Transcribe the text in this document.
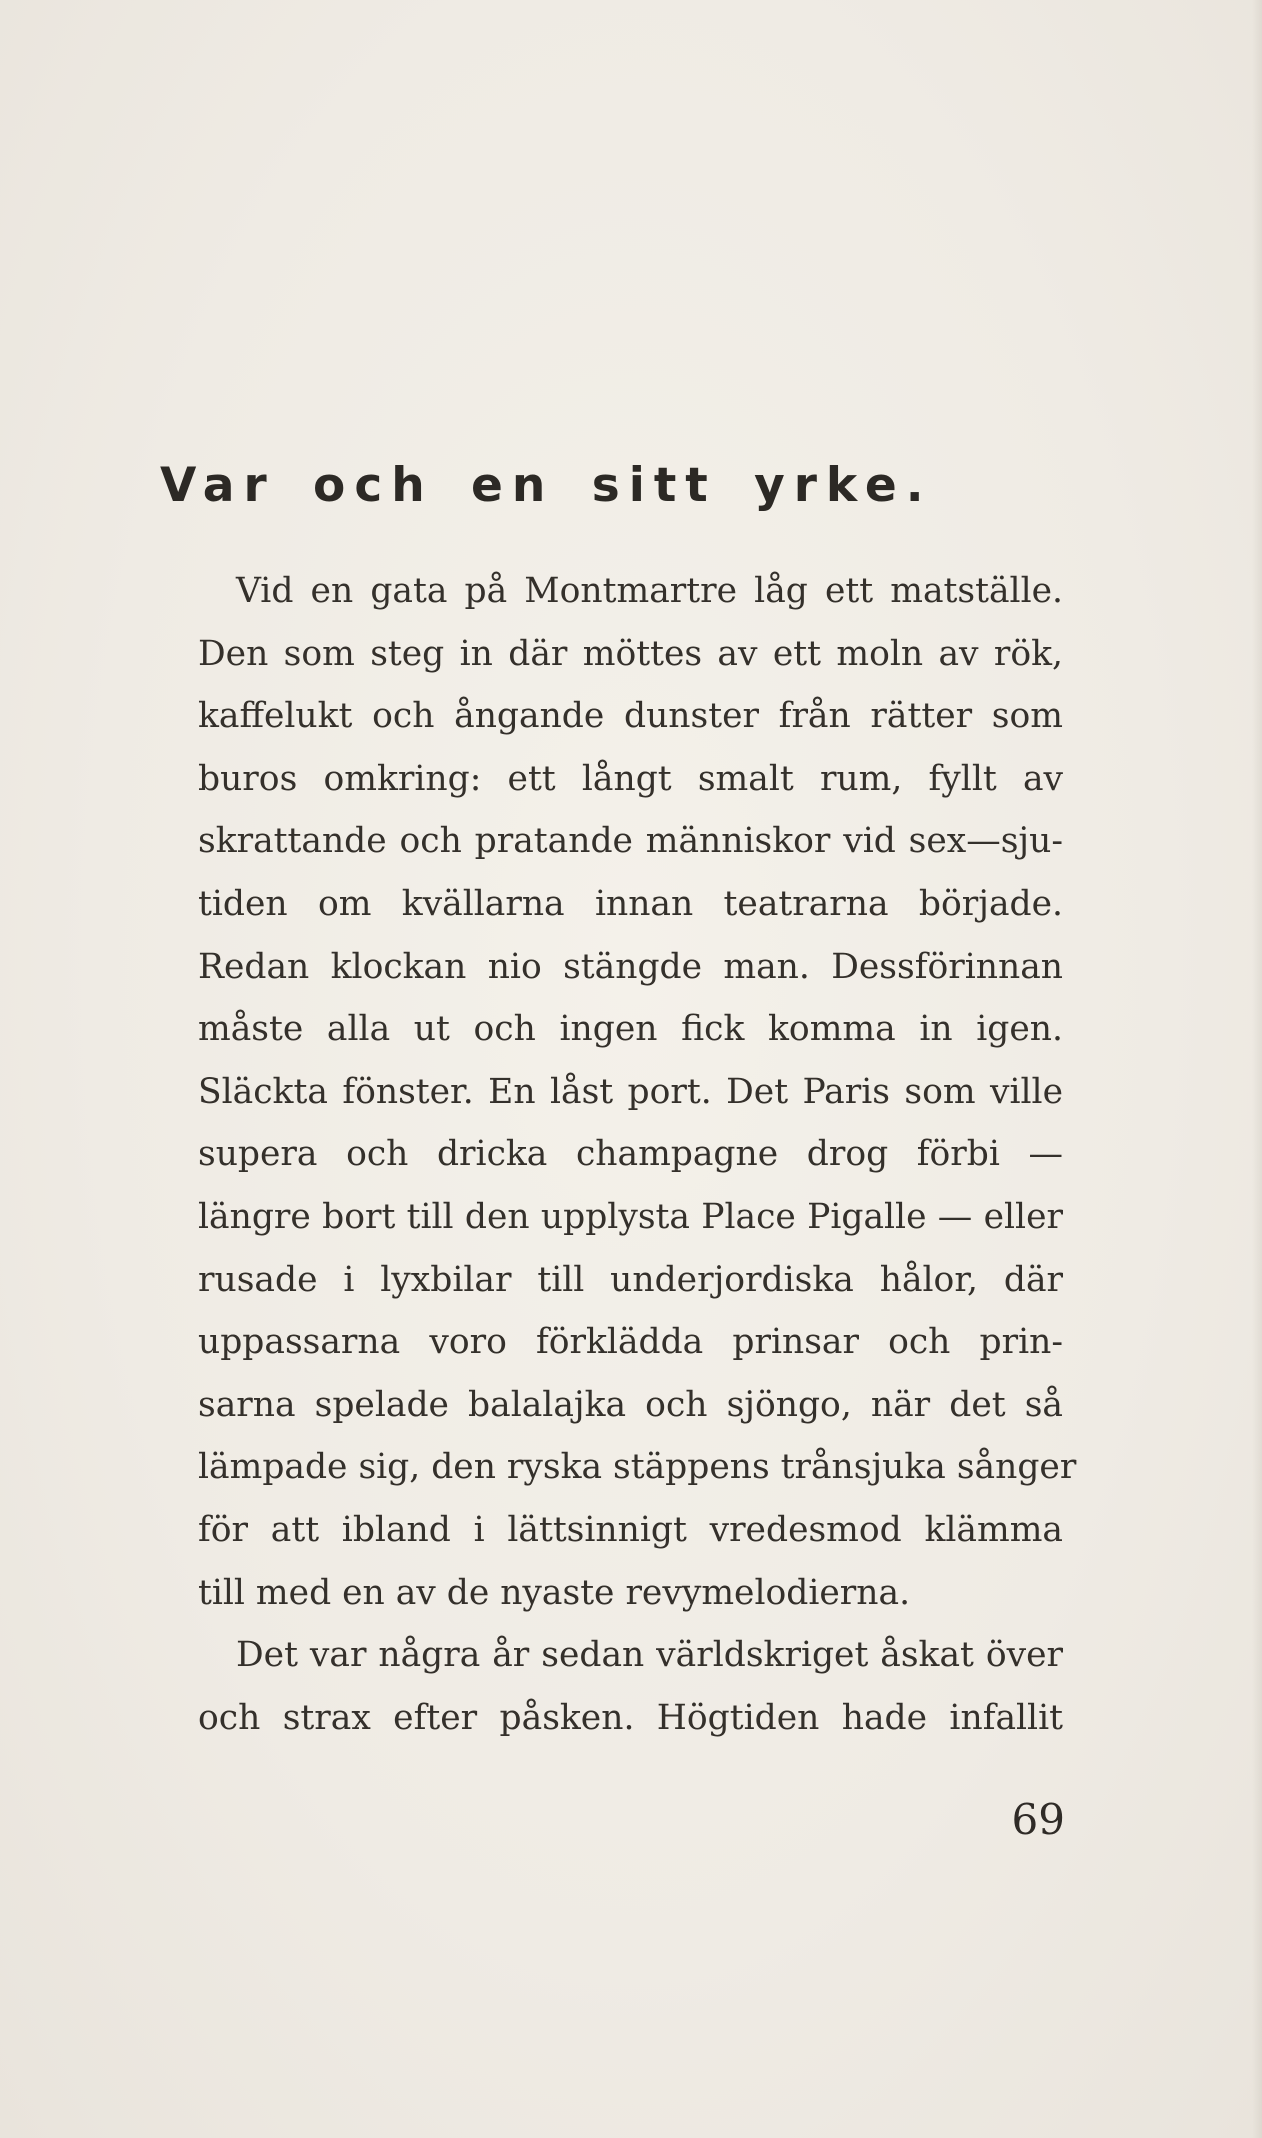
Var och en sitt yrke.
Vid en gata på Montmartre låg ett matställe.
Den som steg in där möttes av ett moln av rök,
kaffelukt och ångande dunster från rätter som
buros omkring: ett långt smalt rum, fyllt av
skrattande och pratande människor vid sex—sju-
tiden om kvällarna innan teatrarna började.
Redan klockan nio stängde man. Dessförinnan
måste alla ut och ingen fick komma in igen.
Släckta fönster. En låst port. Det Paris som ville
supera och dricka champagne drog förbi —
längre bort till den upplysta Place Pigalle — eller
rusade i lyxbilar till underjordiska hålor, där
uppassarna voro förklädda prinsar och prin-
sarna spelade balalajka och sjöngo, när det så
lämpade sig, den ryska stäppens trånsjuka sånger
för att ibland i lättsinnigt vredesmod klämma
till med en av de nyaste revymelodierna.
Det var några år sedan världskriget åskat över
och strax efter påsken. Högtiden hade infallit
69
